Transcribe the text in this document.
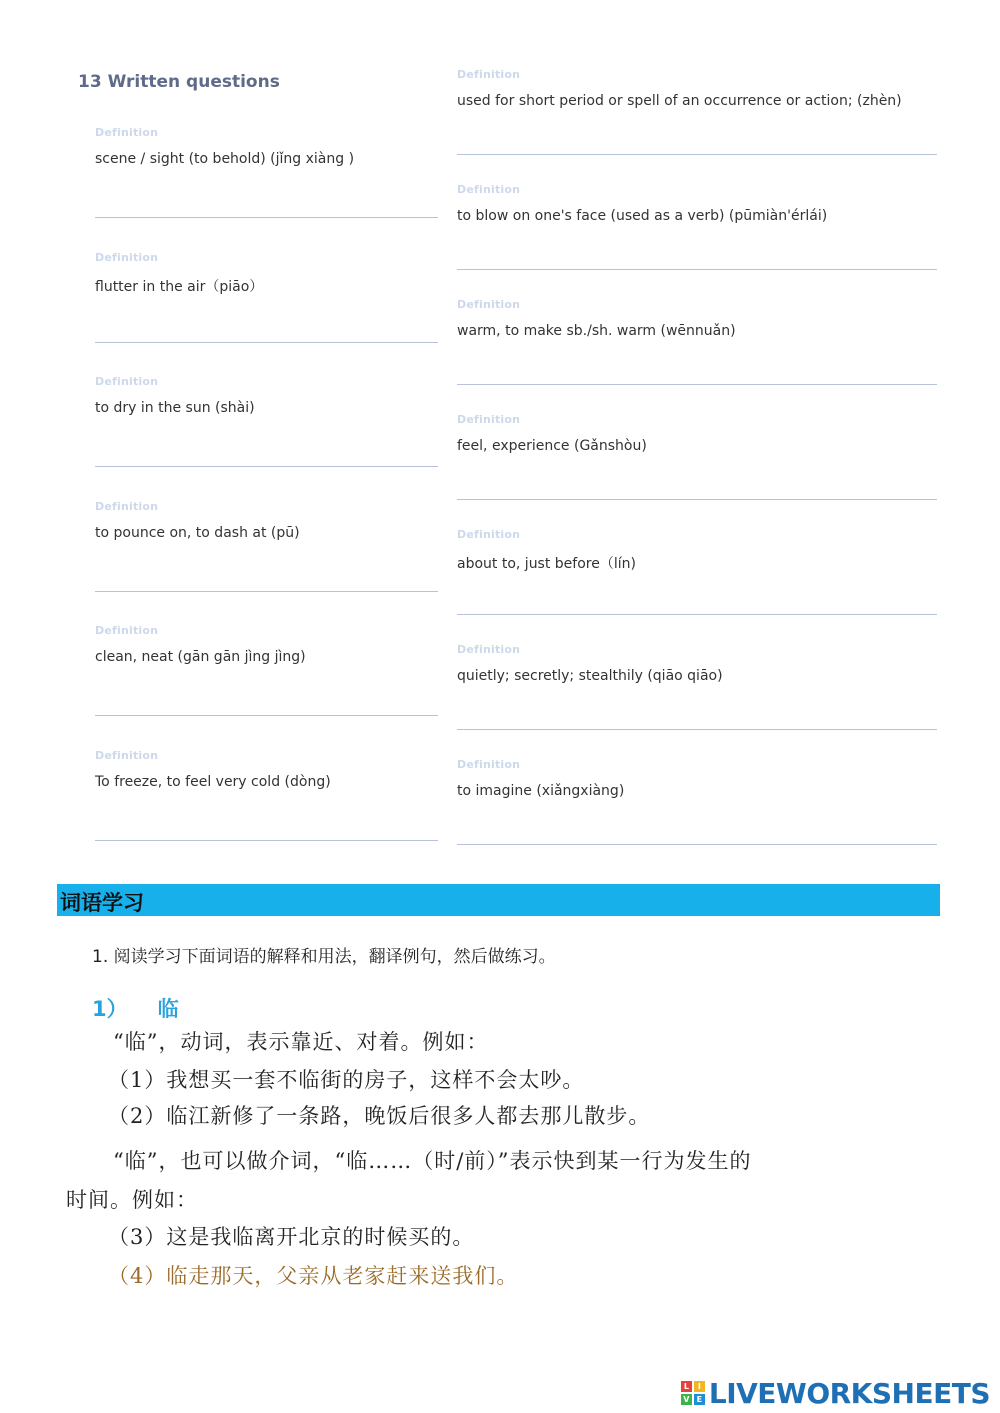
13 Written questions
Definition
scene / sight (to behold) (jǐng xiàng )
Definition
flutter in the air（piāo）
Definition
to dry in the sun (shài)
Definition
to pounce on, to dash at (pū)
Definition
clean, neat (gān gān jìng jìng)
Definition
To freeze, to feel very cold (dòng)
Definition
used for short period or spell of an occurrence or action; (zhèn)
Definition
to blow on one's face (used as a verb) (pūmiàn'érlái)
Definition
warm, to make sb./sh. warm (wēnnuǎn)
Definition
feel, experience (Gǎnshòu)
Definition
about to, just before（lín)
Definition
quietly; secretly; stealthily (qiāo qiāo)
Definition
to imagine (xiǎngxiàng)
词语学习
1. 阅读学习下面词语的解释和用法，翻译例句，然后做练习。
1） 临
“临”，动词，表示靠近、对着。例如：
（1）我想买一套不临街的房子，这样不会太吵。
（2）临江新修了一条路，晚饭后很多人都去那儿散步。
“临”，也可以做介词，“临……（时/前）”表示快到某一行为发生的
时间。例如：
（3）这是我临离开北京的时候买的。
（4）临走那天，父亲从老家赶来送我们。
L	I
V E LIVEWORKSHEETS
